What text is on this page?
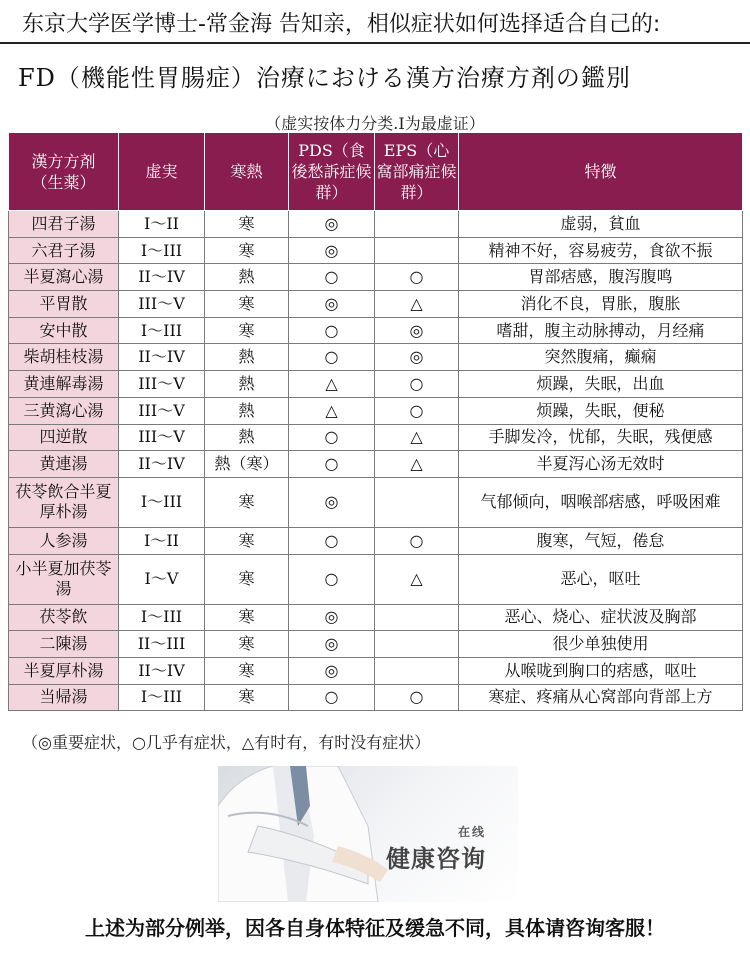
东京大学医学博士-常金海 告知亲，相似症状如何选择适合自己的:
FD（機能性胃腸症）治療における漢方治療方剤の鑑別
（虚实按体力分类.I为最虚证）
漢方方剤（生薬）	虚実	寒熱	PDS（食後愁訴症候群）	EPS（心窩部痛症候群）	特徴
四君子湯	I〜II	寒	◎		虚弱，貧血
六君子湯	I〜III	寒	◎		精神不好，容易疲劳，食欲不振
半夏瀉心湯	II〜IV	熱	○	○	胃部痞感，腹泻腹鸣
平胃散	III〜V	寒	◎	△	消化不良，胃胀，腹胀
安中散	I〜III	寒	○	◎	嗜甜，腹主动脉搏动，月经痛
柴胡桂枝湯	II〜IV	熱	○	◎	突然腹痛，癫痫
黄連解毒湯	III〜V	熱	△	○	烦躁，失眠，出血
三黄瀉心湯	III〜V	熱	△	○	烦躁，失眠，便秘
四逆散	III〜V	熱	○	△	手脚发冷，忧郁，失眠，残便感
黄連湯	II〜IV	熱（寒）	○	△	半夏泻心汤无效时
茯苓飲合半夏厚朴湯	I〜III	寒	◎		气郁倾向，咽喉部痞感，呼吸困难
人参湯	I〜II	寒	○	○	腹寒，气短，倦怠
小半夏加茯苓湯	I〜V	寒	○	△	恶心，呕吐
茯苓飲	I〜III	寒	◎		恶心、烧心、症状波及胸部
二陳湯	II〜III	寒	◎		很少单独使用
半夏厚朴湯	II〜IV	寒	◎		从喉咙到胸口的痞感，呕吐
当帰湯	I〜III	寒	○	○	寒症、疼痛从心窝部向背部上方
（◎重要症状，○几乎有症状，△有时有，有时没有症状）
在线
健康咨询
上述为部分例举，因各自身体特征及缓急不同，具体请咨询客服！
